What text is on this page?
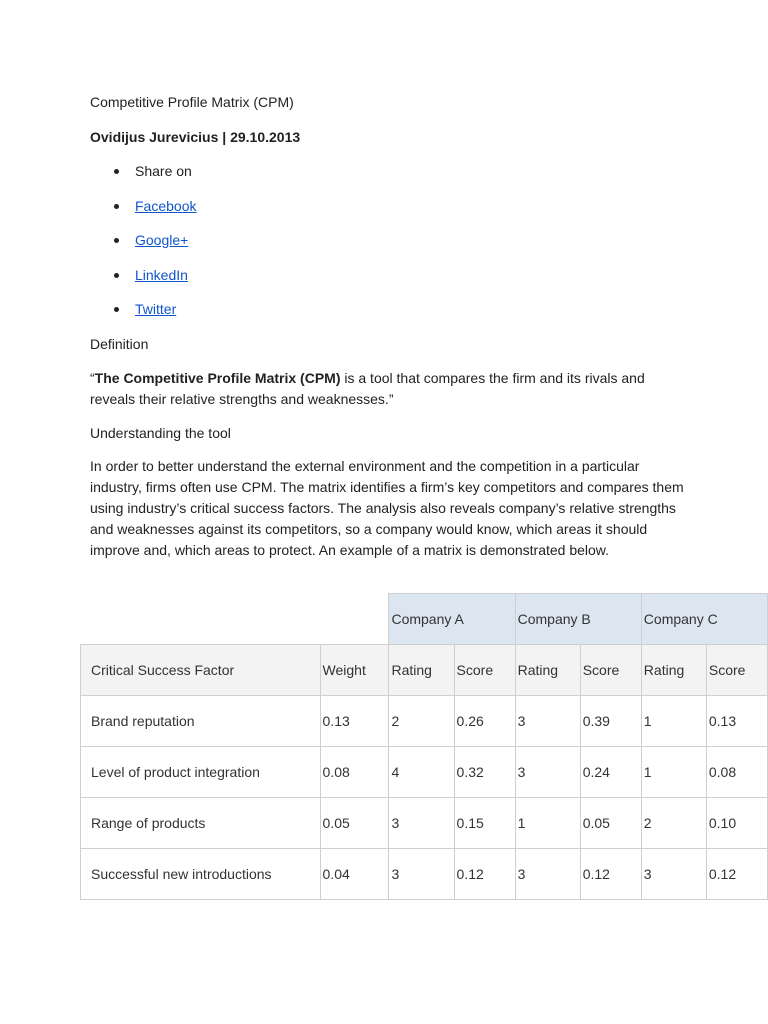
Competitive Profile Matrix (CPM)

Ovidijus Jurevicius | 29.10.2013

Share on
Facebook
Google+
LinkedIn
Twitter

Definition

“The Competitive Profile Matrix (CPM) is a tool that compares the firm and its rivals and reveals their relative strengths and weaknesses.”

Understanding the tool

In order to better understand the external environment and the competition in a particular industry, firms often use CPM. The matrix identifies a firm’s key competitors and compares them using industry’s critical success factors. The analysis also reveals company’s relative strengths and weaknesses against its competitors, so a company would know, which areas it should improve and, which areas to protect. An example of a matrix is demonstrated below.

		Company A		Company B		Company C	
Critical Success Factor	Weight	Rating	Score	Rating	Score	Rating	Score
Brand reputation	0.13	2	0.26	3	0.39	1	0.13
Level of product integration	0.08	4	0.32	3	0.24	1	0.08
Range of products	0.05	3	0.15	1	0.05	2	0.10
Successful new introductions	0.04	3	0.12	3	0.12	3	0.12
